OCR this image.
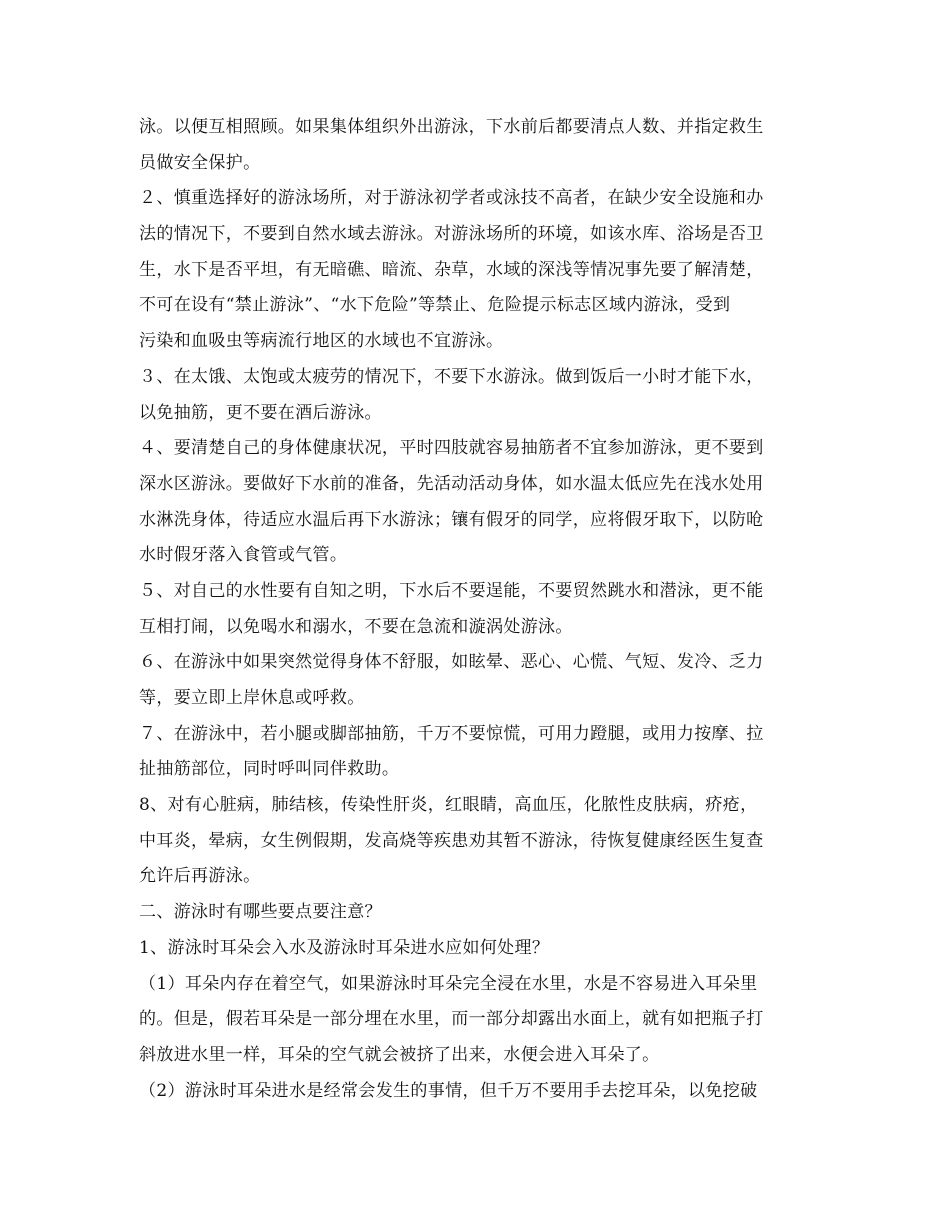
泳。以便互相照顾。如果集体组织外出游泳，下水前后都要清点人数、并指定救生
员做安全保护。
２、慎重选择好的游泳场所，对于游泳初学者或泳技不高者，在缺少安全设施和办
法的情况下，不要到自然水域去游泳。对游泳场所的环境，如该水库、浴场是否卫
生，水下是否平坦，有无暗礁、暗流、杂草，水域的深浅等情况事先要了解清楚，
不可在设有“禁止游泳”、“水下危险”等禁止、危险提示标志区域内游泳，受到
污染和血吸虫等病流行地区的水域也不宜游泳。
３、在太饿、太饱或太疲劳的情况下，不要下水游泳。做到饭后一小时才能下水，
以免抽筋，更不要在酒后游泳。
４、要清楚自己的身体健康状况，平时四肢就容易抽筋者不宜参加游泳，更不要到
深水区游泳。要做好下水前的准备，先活动活动身体，如水温太低应先在浅水处用
水淋洗身体，待适应水温后再下水游泳；镶有假牙的同学，应将假牙取下，以防呛
水时假牙落入食管或气管。
５、对自己的水性要有自知之明，下水后不要逞能，不要贸然跳水和潜泳，更不能
互相打闹，以免喝水和溺水，不要在急流和漩涡处游泳。
６、在游泳中如果突然觉得身体不舒服，如眩晕、恶心、心慌、气短、发冷、乏力
等，要立即上岸休息或呼救。
７、在游泳中，若小腿或脚部抽筋，千万不要惊慌，可用力蹬腿，或用力按摩、拉
扯抽筋部位，同时呼叫同伴救助。
8、对有心脏病，肺结核，传染性肝炎，红眼睛，高血压，化脓性皮肤病，疥疮，
中耳炎，晕病，女生例假期，发高烧等疾患劝其暂不游泳，待恢复健康经医生复查
允许后再游泳。
二、游泳时有哪些要点要注意？
1、游泳时耳朵会入水及游泳时耳朵进水应如何处理？
（1）耳朵内存在着空气，如果游泳时耳朵完全浸在水里，水是不容易进入耳朵里
的。但是，假若耳朵是一部分埋在水里，而一部分却露出水面上，就有如把瓶子打
斜放进水里一样，耳朵的空气就会被挤了出来，水便会进入耳朵了。
（2）游泳时耳朵进水是经常会发生的事情，但千万不要用手去挖耳朵，以免挖破
